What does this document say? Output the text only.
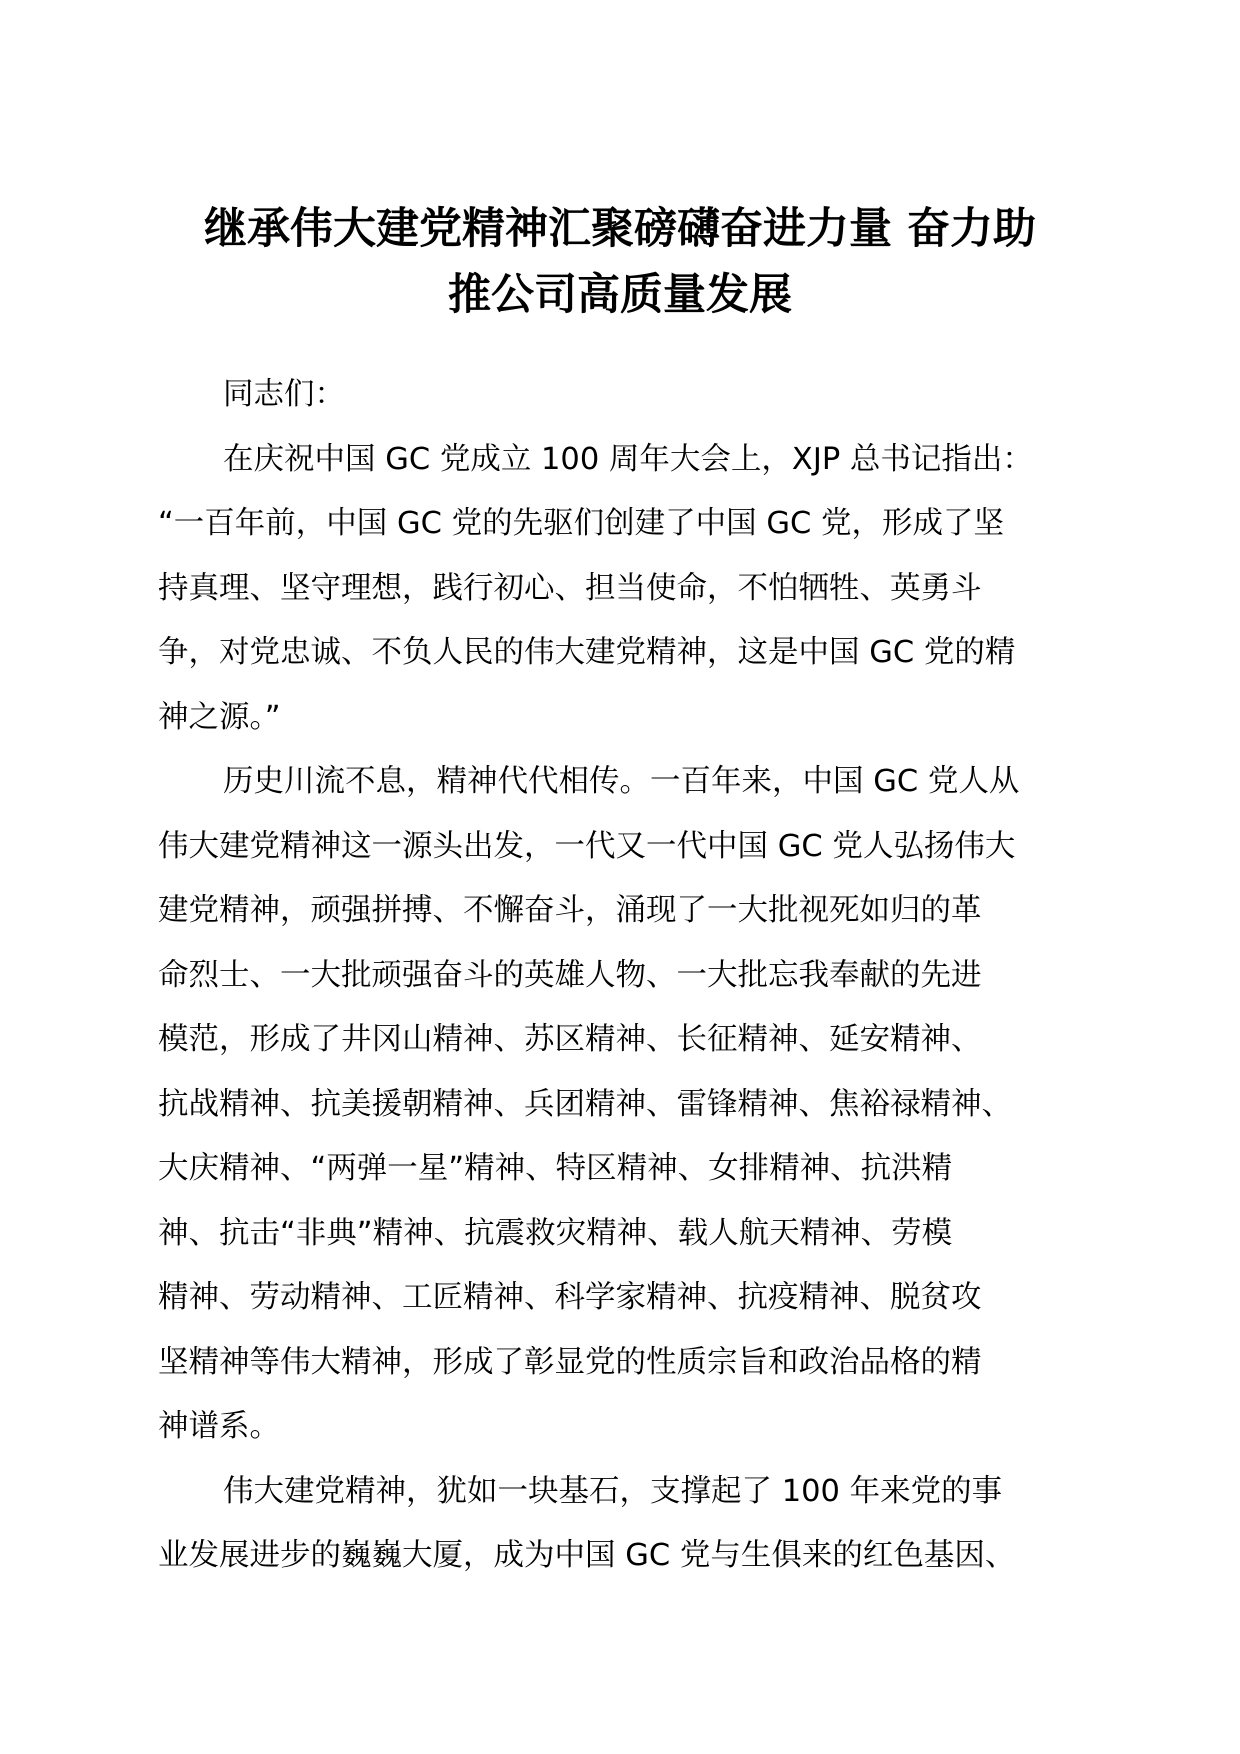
继承伟大建党精神汇聚磅礴奋进力量 奋力助
推公司高质量发展
同志们：
在庆祝中国 GC 党成立 100 周年大会上，XJP 总书记指出：
“一百年前，中国 GC 党的先驱们创建了中国 GC 党，形成了坚
持真理、坚守理想，践行初心、担当使命，不怕牺牲、英勇斗
争，对党忠诚、不负人民的伟大建党精神，这是中国 GC 党的精
神之源。”
历史川流不息，精神代代相传。一百年来，中国 GC 党人从
伟大建党精神这一源头出发，一代又一代中国 GC 党人弘扬伟大
建党精神，顽强拼搏、不懈奋斗，涌现了一大批视死如归的革
命烈士、一大批顽强奋斗的英雄人物、一大批忘我奉献的先进
模范，形成了井冈山精神、苏区精神、长征精神、延安精神、
抗战精神、抗美援朝精神、兵团精神、雷锋精神、焦裕禄精神、
大庆精神、“两弹一星”精神、特区精神、女排精神、抗洪精
神、抗击“非典”精神、抗震救灾精神、载人航天精神、劳模
精神、劳动精神、工匠精神、科学家精神、抗疫精神、脱贫攻
坚精神等伟大精神，形成了彰显党的性质宗旨和政治品格的精
神谱系。
伟大建党精神，犹如一块基石，支撑起了 100 年来党的事
业发展进步的巍巍大厦，成为中国 GC 党与生俱来的红色基因、
